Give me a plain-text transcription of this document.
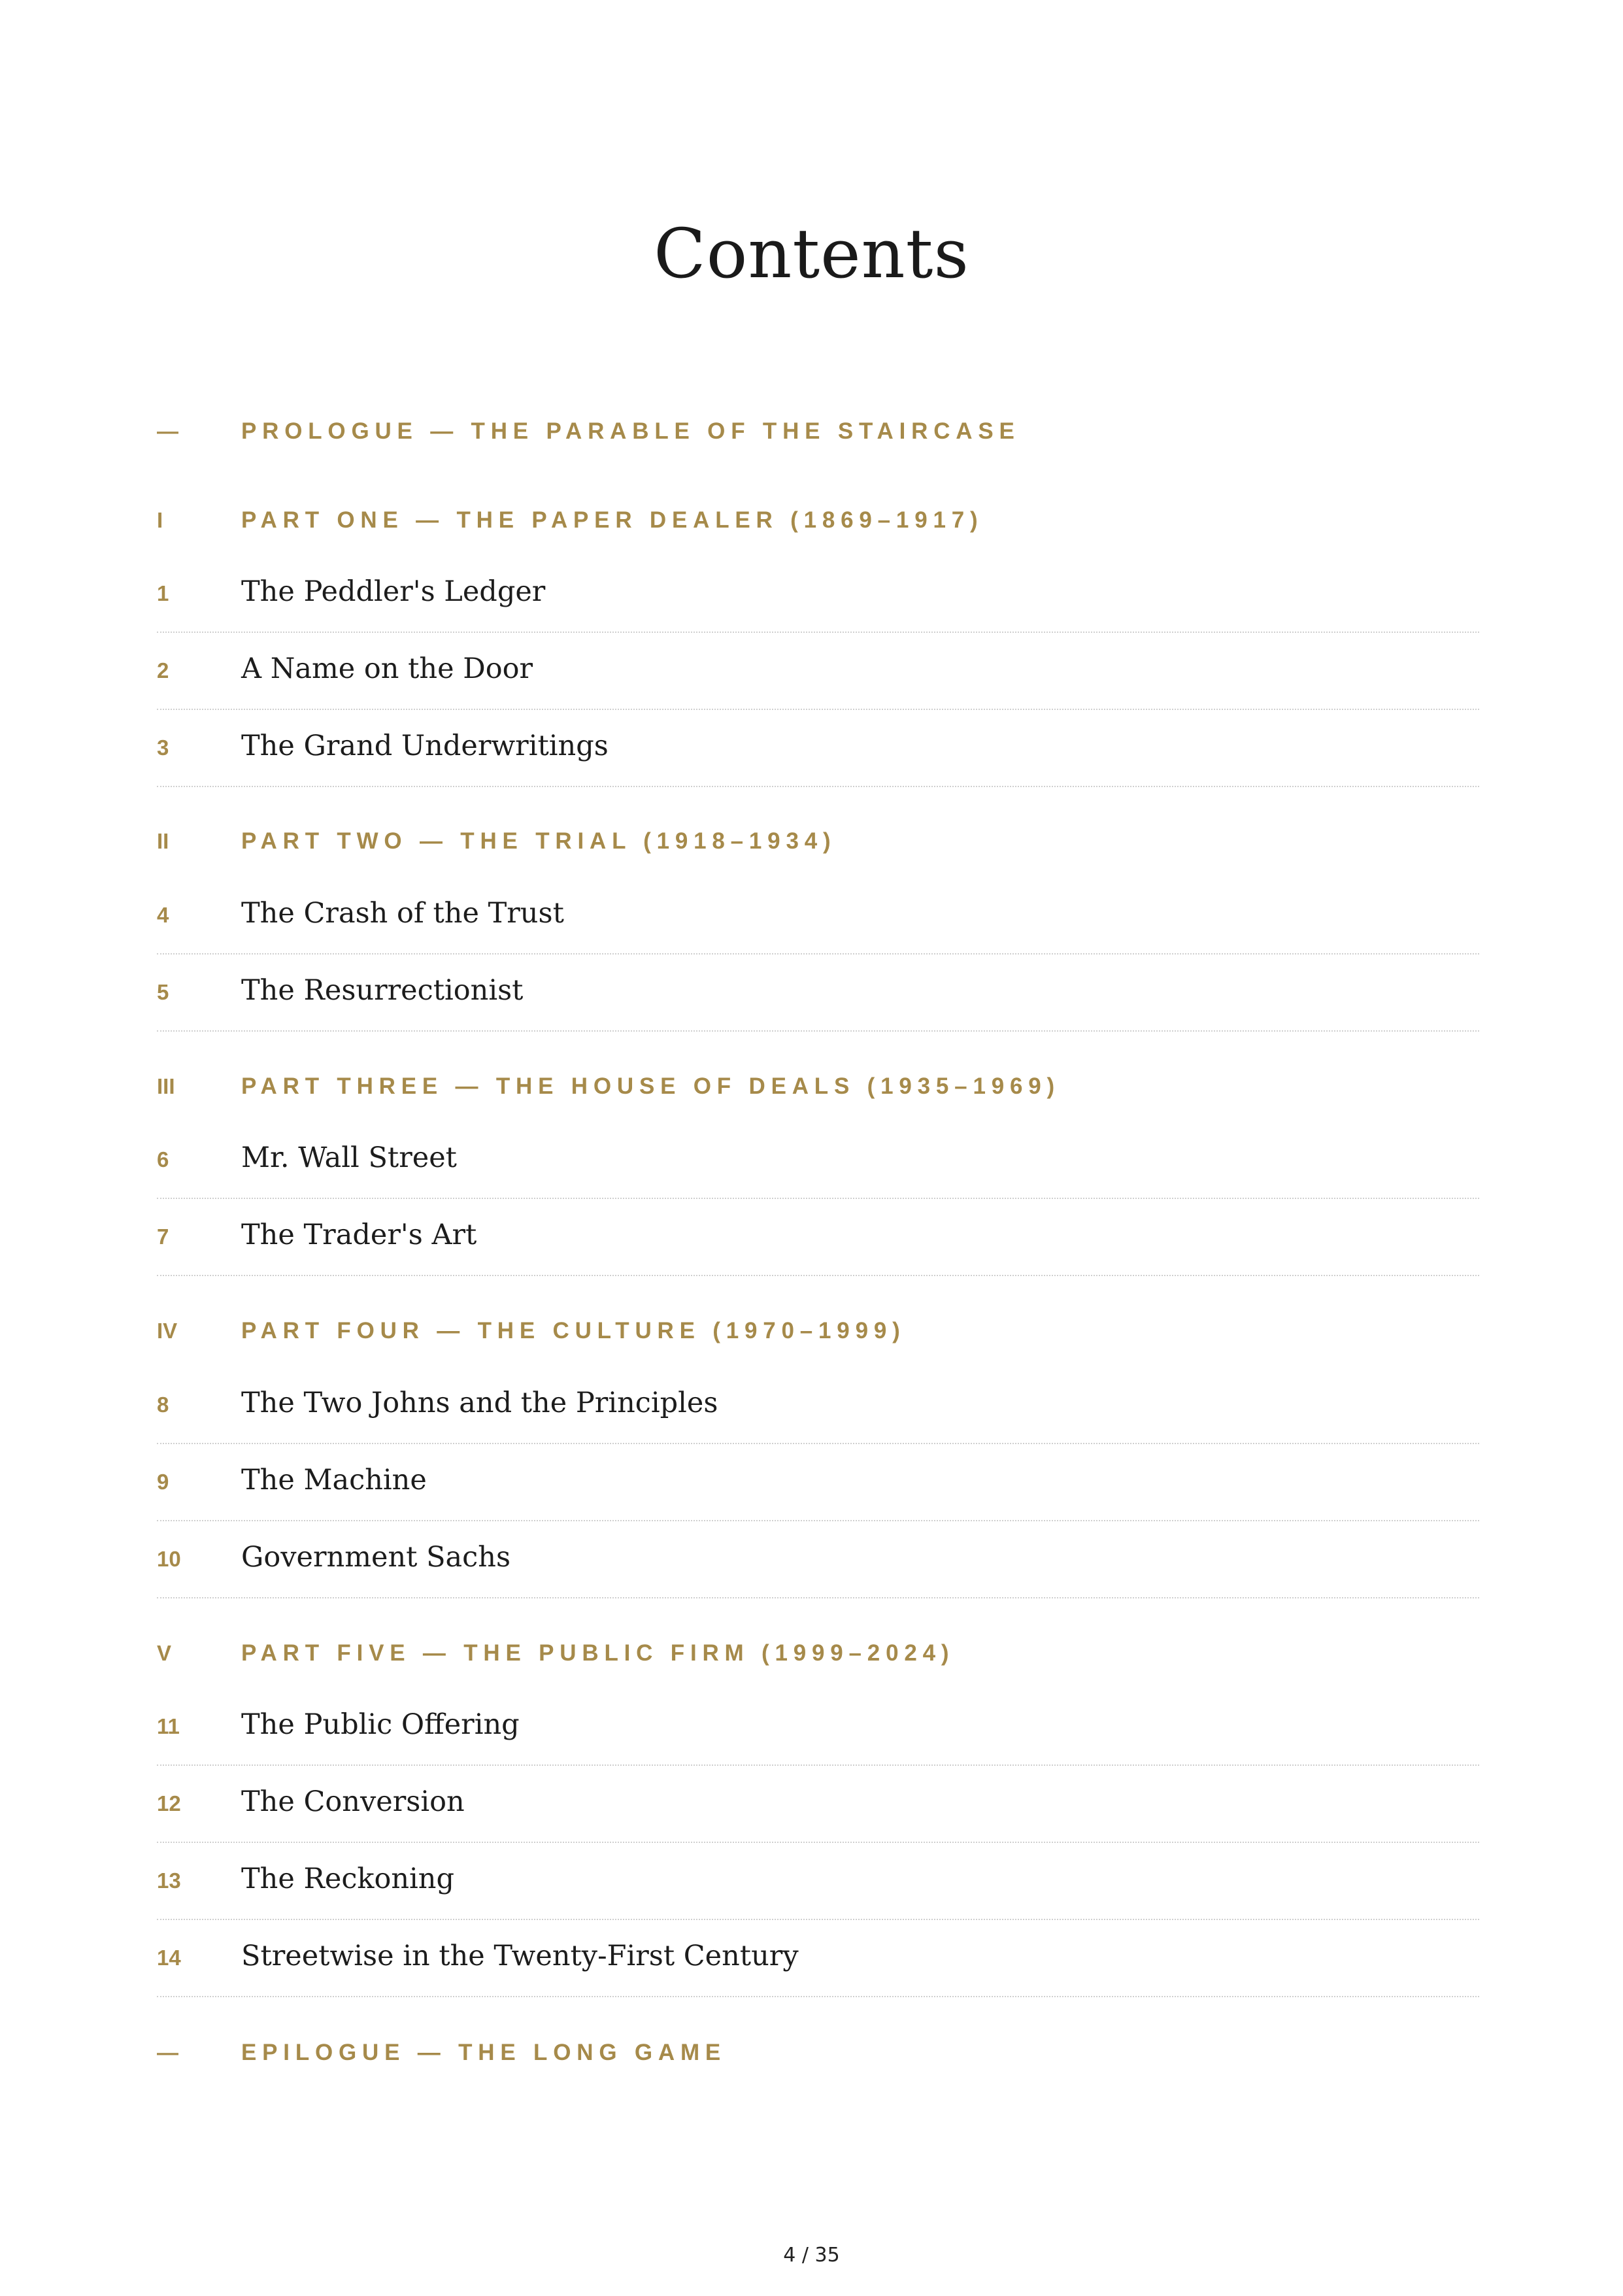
Contents
—	PROLOGUE — THE PARABLE OF THE STAIRCASE
I	PART ONE — THE PAPER DEALER (1869–1917)
1	The Peddler's Ledger
2	A Name on the Door
3	The Grand Underwritings
II	PART TWO — THE TRIAL (1918–1934)
4	The Crash of the Trust
5	The Resurrectionist
III	PART THREE — THE HOUSE OF DEALS (1935–1969)
6	Mr. Wall Street
7	The Trader's Art
IV	PART FOUR — THE CULTURE (1970–1999)
8	The Two Johns and the Principles
9	The Machine
10	Government Sachs
V	PART FIVE — THE PUBLIC FIRM (1999–2024)
11	The Public Offering
12	The Conversion
13	The Reckoning
14	Streetwise in the Twenty-First Century
—	EPILOGUE — THE LONG GAME
4 / 35
